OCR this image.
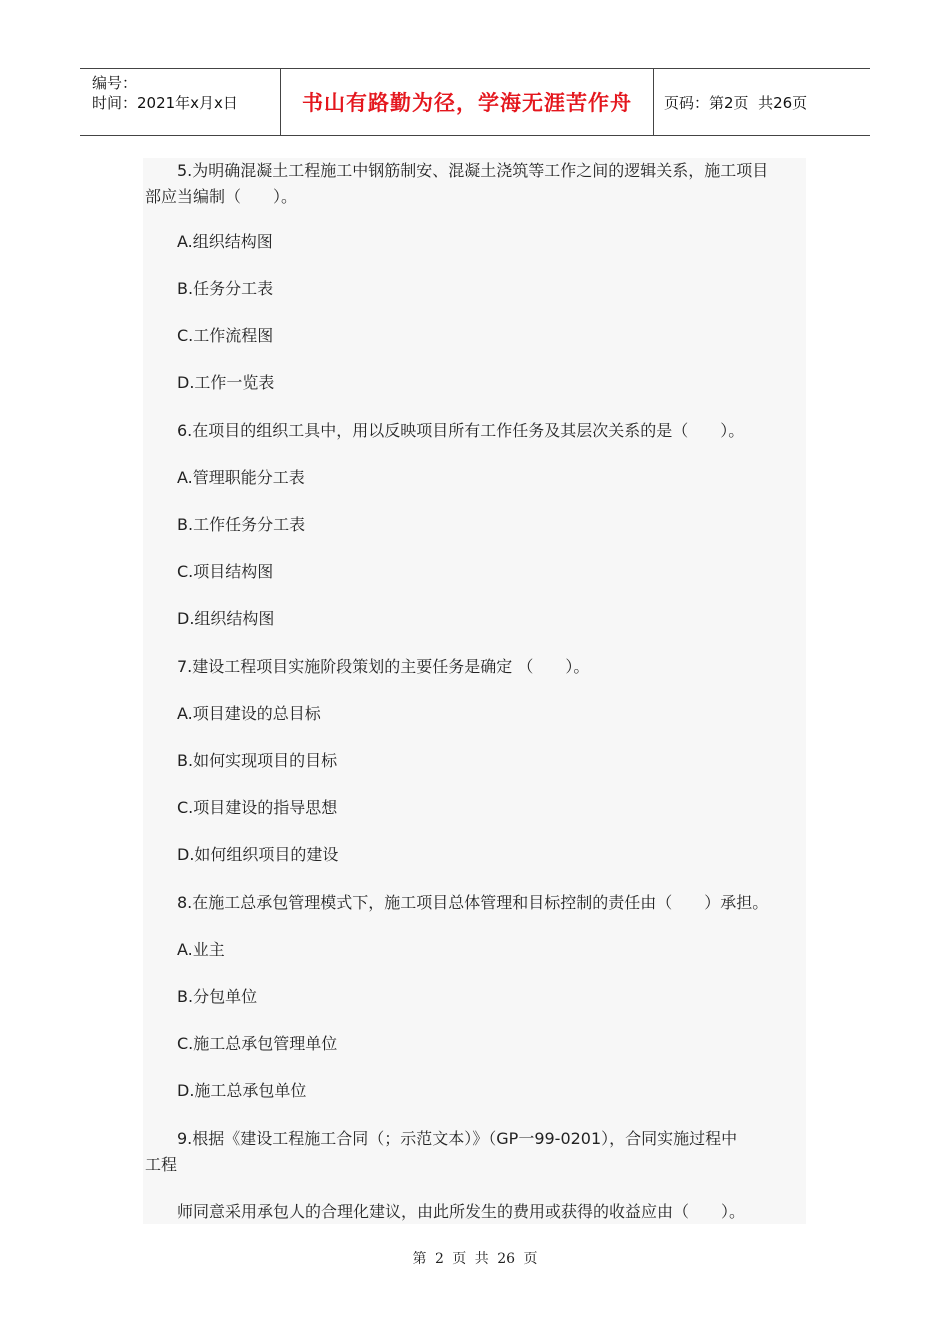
编号：
时间：2021年x月x日	书山有路勤为径，学海无涯苦作舟	页码：第2页  共26页
5.为明确混凝土工程施工中钢筋制安、混凝土浇筑等工作之间的逻辑关系，施工项目
部应当编制（　　）。
A.组织结构图
B.任务分工表
C.工作流程图
D.工作一览表
6.在项目的组织工具中，用以反映项目所有工作任务及其层次关系的是（　　）。
A.管理职能分工表
B.工作任务分工表
C.项目结构图
D.组织结构图
7.建设工程项目实施阶段策划的主要任务是确定 （　　）。
A.项目建设的总目标
B.如何实现项目的目标
C.项目建设的指导思想
D.如何组织项目的建设
8.在施工总承包管理模式下，施工项目总体管理和目标控制的责任由（　　）承担。
A.业主
B.分包单位
C.施工总承包管理单位
D.施工总承包单位
9.根据《建设工程施工合同（；示范文本）》（GP一99-0201），合同实施过程中
工程
师同意采用承包人的合理化建议，由此所发生的费用或获得的收益应由（　　）。
第 2 页 共 26 页
